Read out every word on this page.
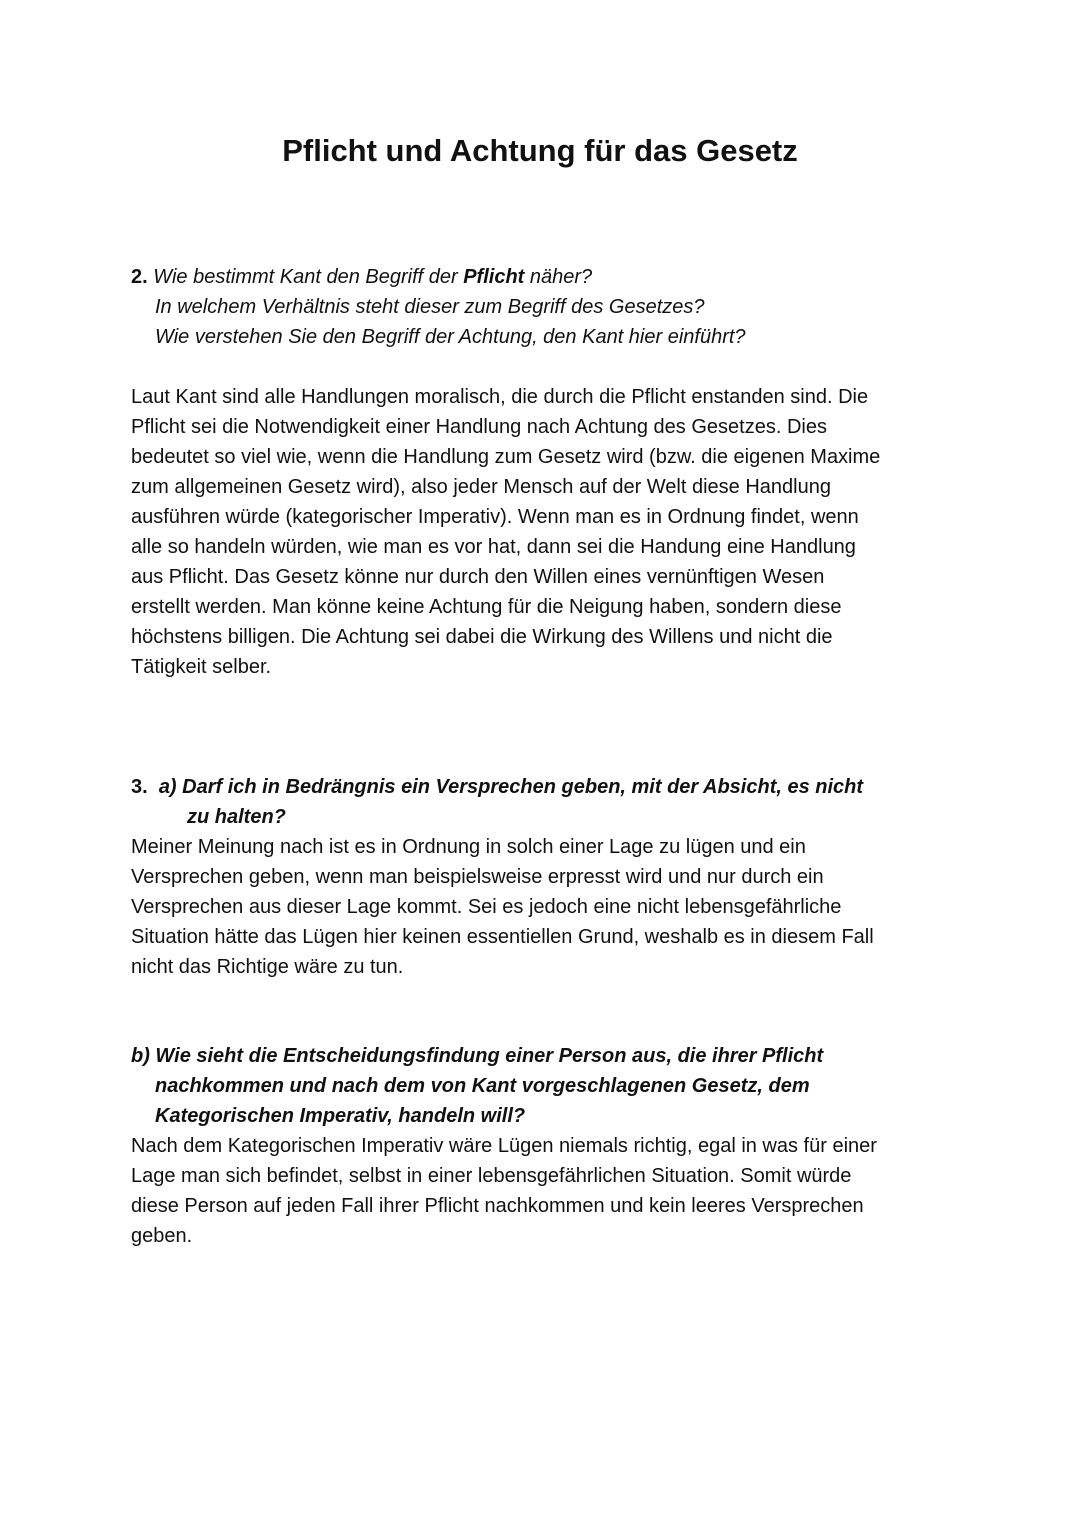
Pflicht und Achtung für das Gesetz

2. Wie bestimmt Kant den Begriff der Pflicht näher?

In welchem Verhältnis steht dieser zum Begriff des Gesetzes?

Wie verstehen Sie den Begriff der Achtung, den Kant hier einführt?

Laut Kant sind alle Handlungen moralisch, die durch die Pflicht enstanden sind. Die
Pflicht sei die Notwendigkeit einer Handlung nach Achtung des Gesetzes. Dies
bedeutet so viel wie, wenn die Handlung zum Gesetz wird (bzw. die eigenen Maxime
zum allgemeinen Gesetz wird), also jeder Mensch auf der Welt diese Handlung
ausführen würde (kategorischer Imperativ). Wenn man es in Ordnung findet, wenn
alle so handeln würden, wie man es vor hat, dann sei die Handung eine Handlung
aus Pflicht. Das Gesetz könne nur durch den Willen eines vernünftigen Wesen
erstellt werden. Man könne keine Achtung für die Neigung haben, sondern diese
höchstens billigen. Die Achtung sei dabei die Wirkung des Willens und nicht die
Tätigkeit selber.

3. a) Darf ich in Bedrängnis ein Versprechen geben, mit der Absicht, es nicht

zu halten?

Meiner Meinung nach ist es in Ordnung in solch einer Lage zu lügen und ein
Versprechen geben, wenn man beispielsweise erpresst wird und nur durch ein
Versprechen aus dieser Lage kommt. Sei es jedoch eine nicht lebensgefährliche
Situation hätte das Lügen hier keinen essentiellen Grund, weshalb es in diesem Fall
nicht das Richtige wäre zu tun.

b) Wie sieht die Entscheidungsfindung einer Person aus, die ihrer Pflicht

nachkommen und nach dem von Kant vorgeschlagenen Gesetz, dem

Kategorischen Imperativ, handeln will?

Nach dem Kategorischen Imperativ wäre Lügen niemals richtig, egal in was für einer
Lage man sich befindet, selbst in einer lebensgefährlichen Situation. Somit würde
diese Person auf jeden Fall ihrer Pflicht nachkommen und kein leeres Versprechen
geben.
